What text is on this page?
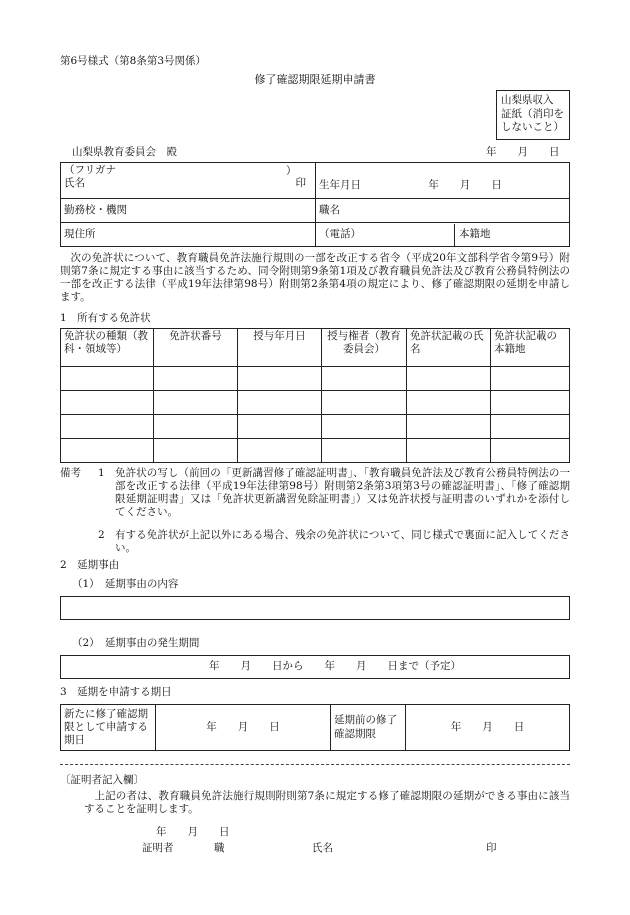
第6号様式（第8条第3号関係）
修了確認期限延期申請書
山梨県収入
証紙（消印を
しないこと）
山梨県教育委員会　殿	年　　月　　日
（フリガナ ）
氏名 印	生年月日 年　　月　　日
勤務校・機関	職名
現住所	（電話） 本籍地
次の免許状について、教育職員免許法施行規則の一部を改正する省令（平成20年文部科学省令第9号）附則第7条に規定する事由に該当するため、同令附則第9条第1項及び教育職員免許法及び教育公務員特例法の一部を改正する法律（平成19年法律第98号）附則第2条第4項の規定により、修了確認期限の延期を申請します。
1　所有する免許状
免許状の種類（教科・領域等）	免許状番号	授与年月日	授与権者（教育委員会）	免許状記載の氏名	免許状記載の本籍地

備考 1 免許状の写し（前回の「更新講習修了確認証明書」、「教育職員免許法及び教育公務員特例法の一部を改正する法律（平成19年法律第98号）附則第2条第3項第3号の確認証明書」、「修了確認期限延期証明書」又は「免許状更新講習免除証明書」）又は免許状授与証明書のいずれかを添付してください。
2 有する免許状が上記以外にある場合、残余の免許状について、同じ様式で裏面に記入してください。
2　延期事由
（1）　延期事由の内容
（2）　延期事由の発生期間
年　　月　　日から　　年　　月　　日まで（予定）
3　延期を申請する期日
新たに修了確認期限として申請する期日	年　　月　　日	延期前の修了確認期限	年　　月　　日
〔証明者記入欄〕
上記の者は、教育職員免許法施行規則附則第7条に規定する修了確認期限の延期ができる事由に該当することを証明します。
年　　月　　日
証明者	職	氏名	印
